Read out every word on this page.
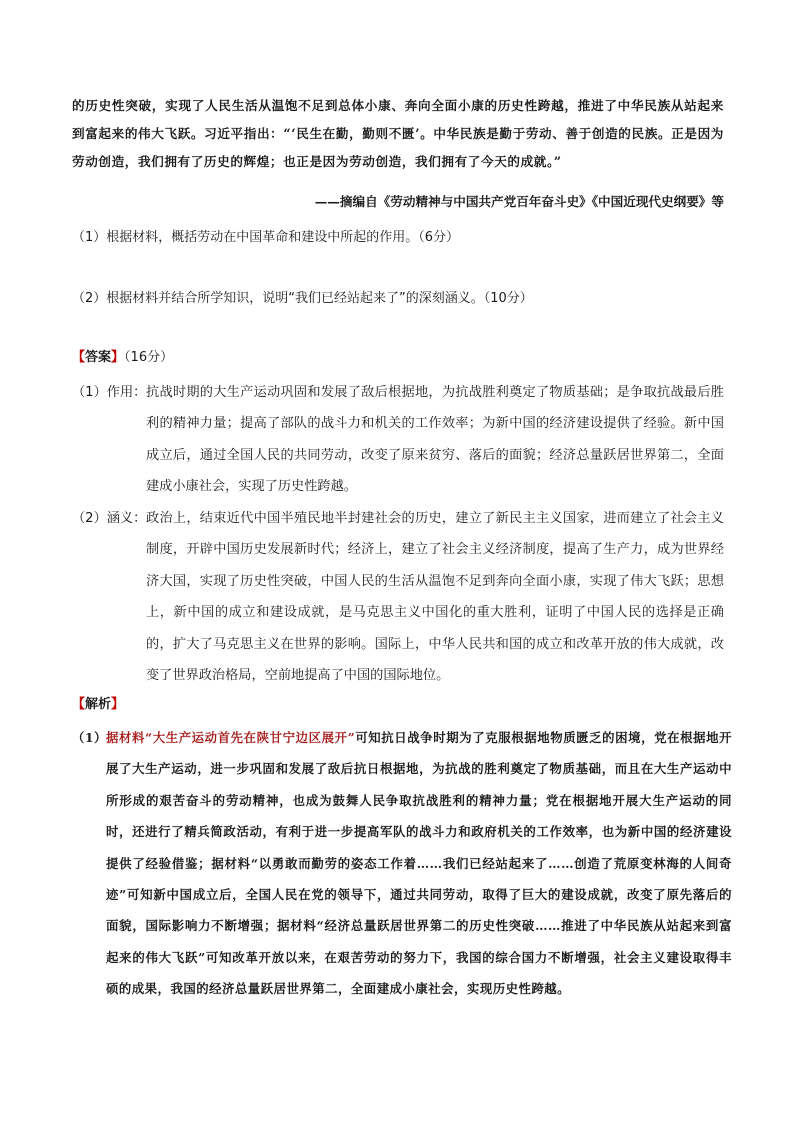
的历史性突破，实现了人民生活从温饱不足到总体小康、奔向全面小康的历史性跨越，推进了中华民族从站起来到富起来的伟大飞跃。习近平指出：“‘民生在勤，勤则不匮’。中华民族是勤于劳动、善于创造的民族。正是因为劳动创造，我们拥有了历史的辉煌；也正是因为劳动创造，我们拥有了今天的成就。”

——摘编自《劳动精神与中国共产党百年奋斗史》《中国近现代史纲要》等
（1）根据材料，概括劳动在中国革命和建设中所起的作用。（6分）
（2）根据材料并结合所学知识，说明“我们已经站起来了”的深刻涵义。（10分）
【答案】（16分）
（1）作用： 抗战时期的大生产运动巩固和发展了敌后根据地，为抗战胜利奠定了物质基础；是争取抗战最后胜利的精神力量；提高了部队的战斗力和机关的工作效率；为新中国的经济建设提供了经验。新中国成立后，通过全国人民的共同劳动，改变了原来贫穷、落后的面貌；经济总量跃居世界第二，全面建成小康社会，实现了历史性跨越。
（2）涵义： 政治上，结束近代中国半殖民地半封建社会的历史，建立了新民主主义国家，进而建立了社会主义制度，开辟中国历史发展新时代；经济上，建立了社会主义经济制度，提高了生产力，成为世界经济大国，实现了历史性突破，中国人民的生活从温饱不足到奔向全面小康，实现了伟大飞跃；思想上，新中国的成立和建设成就，是马克思主义中国化的重大胜利，证明了中国人民的选择是正确的，扩大了马克思主义在世界的影响。国际上，中华人民共和国的成立和改革开放的伟大成就，改变了世界政治格局，空前地提高了中国的国际地位。
【解析】
（1） 据材料“大生产运动首先在陕甘宁边区展开”可知抗日战争时期为了克服根据地物质匮乏的困境，党在根据地开展了大生产运动，进一步巩固和发展了敌后抗日根据地，为抗战的胜利奠定了物质基础，而且在大生产运动中所形成的艰苦奋斗的劳动精神，也成为鼓舞人民争取抗战胜利的精神力量；党在根据地开展大生产运动的同时，还进行了精兵简政活动，有利于进一步提高军队的战斗力和政府机关的工作效率，也为新中国的经济建设提供了经验借鉴；据材料“以勇敢而勤劳的姿态工作着……我们已经站起来了……创造了荒原变林海的人间奇迹”可知新中国成立后，全国人民在党的领导下，通过共同劳动，取得了巨大的建设成就，改变了原先落后的面貌，国际影响力不断增强；据材料“经济总量跃居世界第二的历史性突破……推进了中华民族从站起来到富起来的伟大飞跃”可知改革开放以来，在艰苦劳动的努力下，我国的综合国力不断增强，社会主义建设取得丰硕的成果，我国的经济总量跃居世界第二，全面建成小康社会，实现历史性跨越。
